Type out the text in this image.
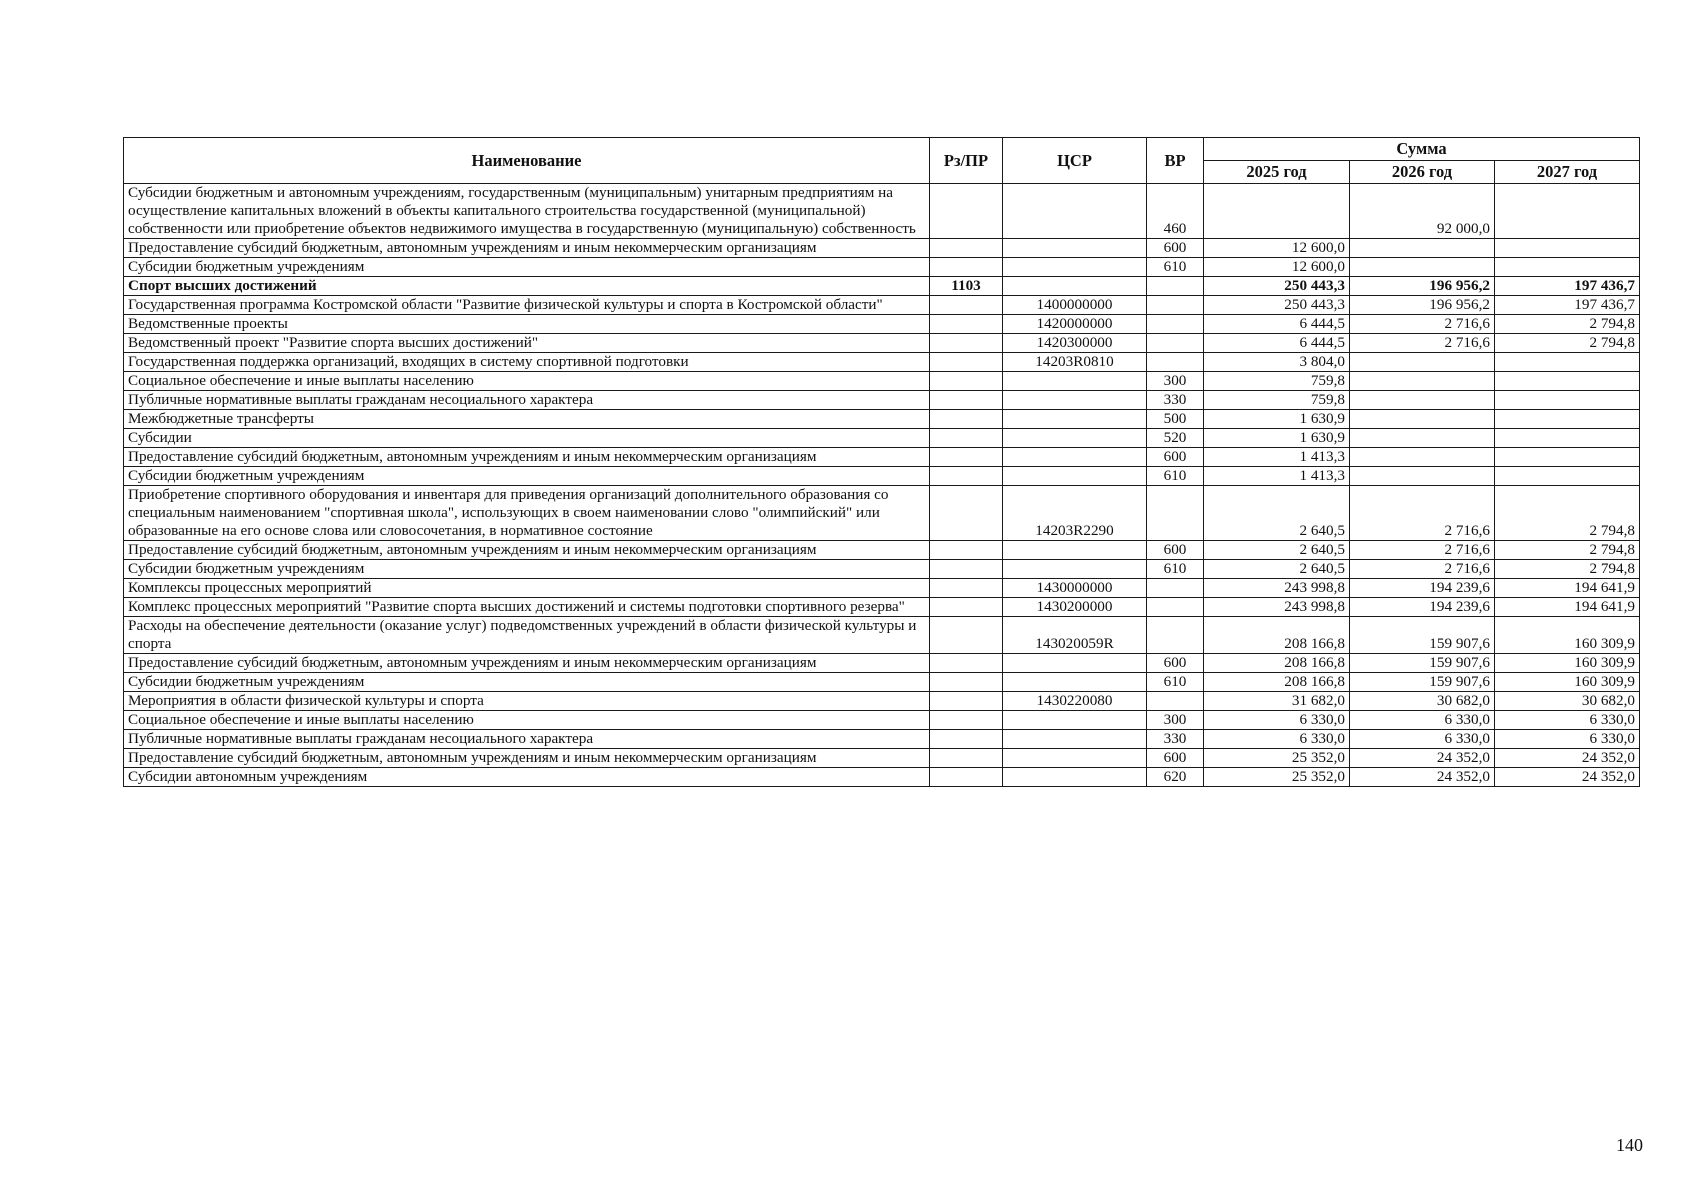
Наименование	Рз/ПР	ЦСР	ВР	Сумма		
				2025 год	2026 год	2027 год
Субсидии бюджетным и автономным учреждениям, государственным (муниципальным) унитарным предприятиям на осуществление капитальных вложений в объекты капитального строительства государственной (муниципальной) собственности или приобретение объектов недвижимого имущества в государственную (муниципальную) собственность			460		92 000,0	
Предоставление субсидий бюджетным, автономным учреждениям и иным некоммерческим организациям			600	12 600,0		
Субсидии бюджетным учреждениям			610	12 600,0		
Спорт высших достижений	1103			250 443,3	196 956,2	197 436,7
Государственная программа Костромской области "Развитие физической культуры и спорта в Костромской области"		1400000000		250 443,3	196 956,2	197 436,7
Ведомственные проекты		1420000000		6 444,5	2 716,6	2 794,8
Ведомственный проект "Развитие спорта высших достижений"		1420300000		6 444,5	2 716,6	2 794,8
Государственная поддержка организаций, входящих в систему спортивной подготовки		14203R0810		3 804,0		
Социальное обеспечение и иные выплаты населению			300	759,8		
Публичные нормативные выплаты гражданам несоциального характера			330	759,8		
Межбюджетные трансферты			500	1 630,9		
Субсидии			520	1 630,9		
Предоставление субсидий бюджетным, автономным учреждениям и иным некоммерческим организациям			600	1 413,3		
Субсидии бюджетным учреждениям			610	1 413,3		
Приобретение спортивного оборудования и инвентаря для приведения организаций дополнительного образования со специальным наименованием "спортивная школа", использующих в своем наименовании слово "олимпийский" или образованные на его основе слова или словосочетания, в нормативное состояние		14203R2290		2 640,5	2 716,6	2 794,8
Предоставление субсидий бюджетным, автономным учреждениям и иным некоммерческим организациям			600	2 640,5	2 716,6	2 794,8
Субсидии бюджетным учреждениям			610	2 640,5	2 716,6	2 794,8
Комплексы процессных мероприятий		1430000000		243 998,8	194 239,6	194 641,9
Комплекс процессных мероприятий "Развитие спорта высших достижений и системы подготовки спортивного резерва"		1430200000		243 998,8	194 239,6	194 641,9
Расходы на обеспечение деятельности (оказание услуг) подведомственных учреждений в области физической культуры и спорта		143020059R		208 166,8	159 907,6	160 309,9
Предоставление субсидий бюджетным, автономным учреждениям и иным некоммерческим организациям			600	208 166,8	159 907,6	160 309,9
Субсидии бюджетным учреждениям			610	208 166,8	159 907,6	160 309,9
Мероприятия в области физической культуры и спорта		1430220080		31 682,0	30 682,0	30 682,0
Социальное обеспечение и иные выплаты населению			300	6 330,0	6 330,0	6 330,0
Публичные нормативные выплаты гражданам несоциального характера			330	6 330,0	6 330,0	6 330,0
Предоставление субсидий бюджетным, автономным учреждениям и иным некоммерческим организациям			600	25 352,0	24 352,0	24 352,0
Субсидии автономным учреждениям			620	25 352,0	24 352,0	24 352,0
140
